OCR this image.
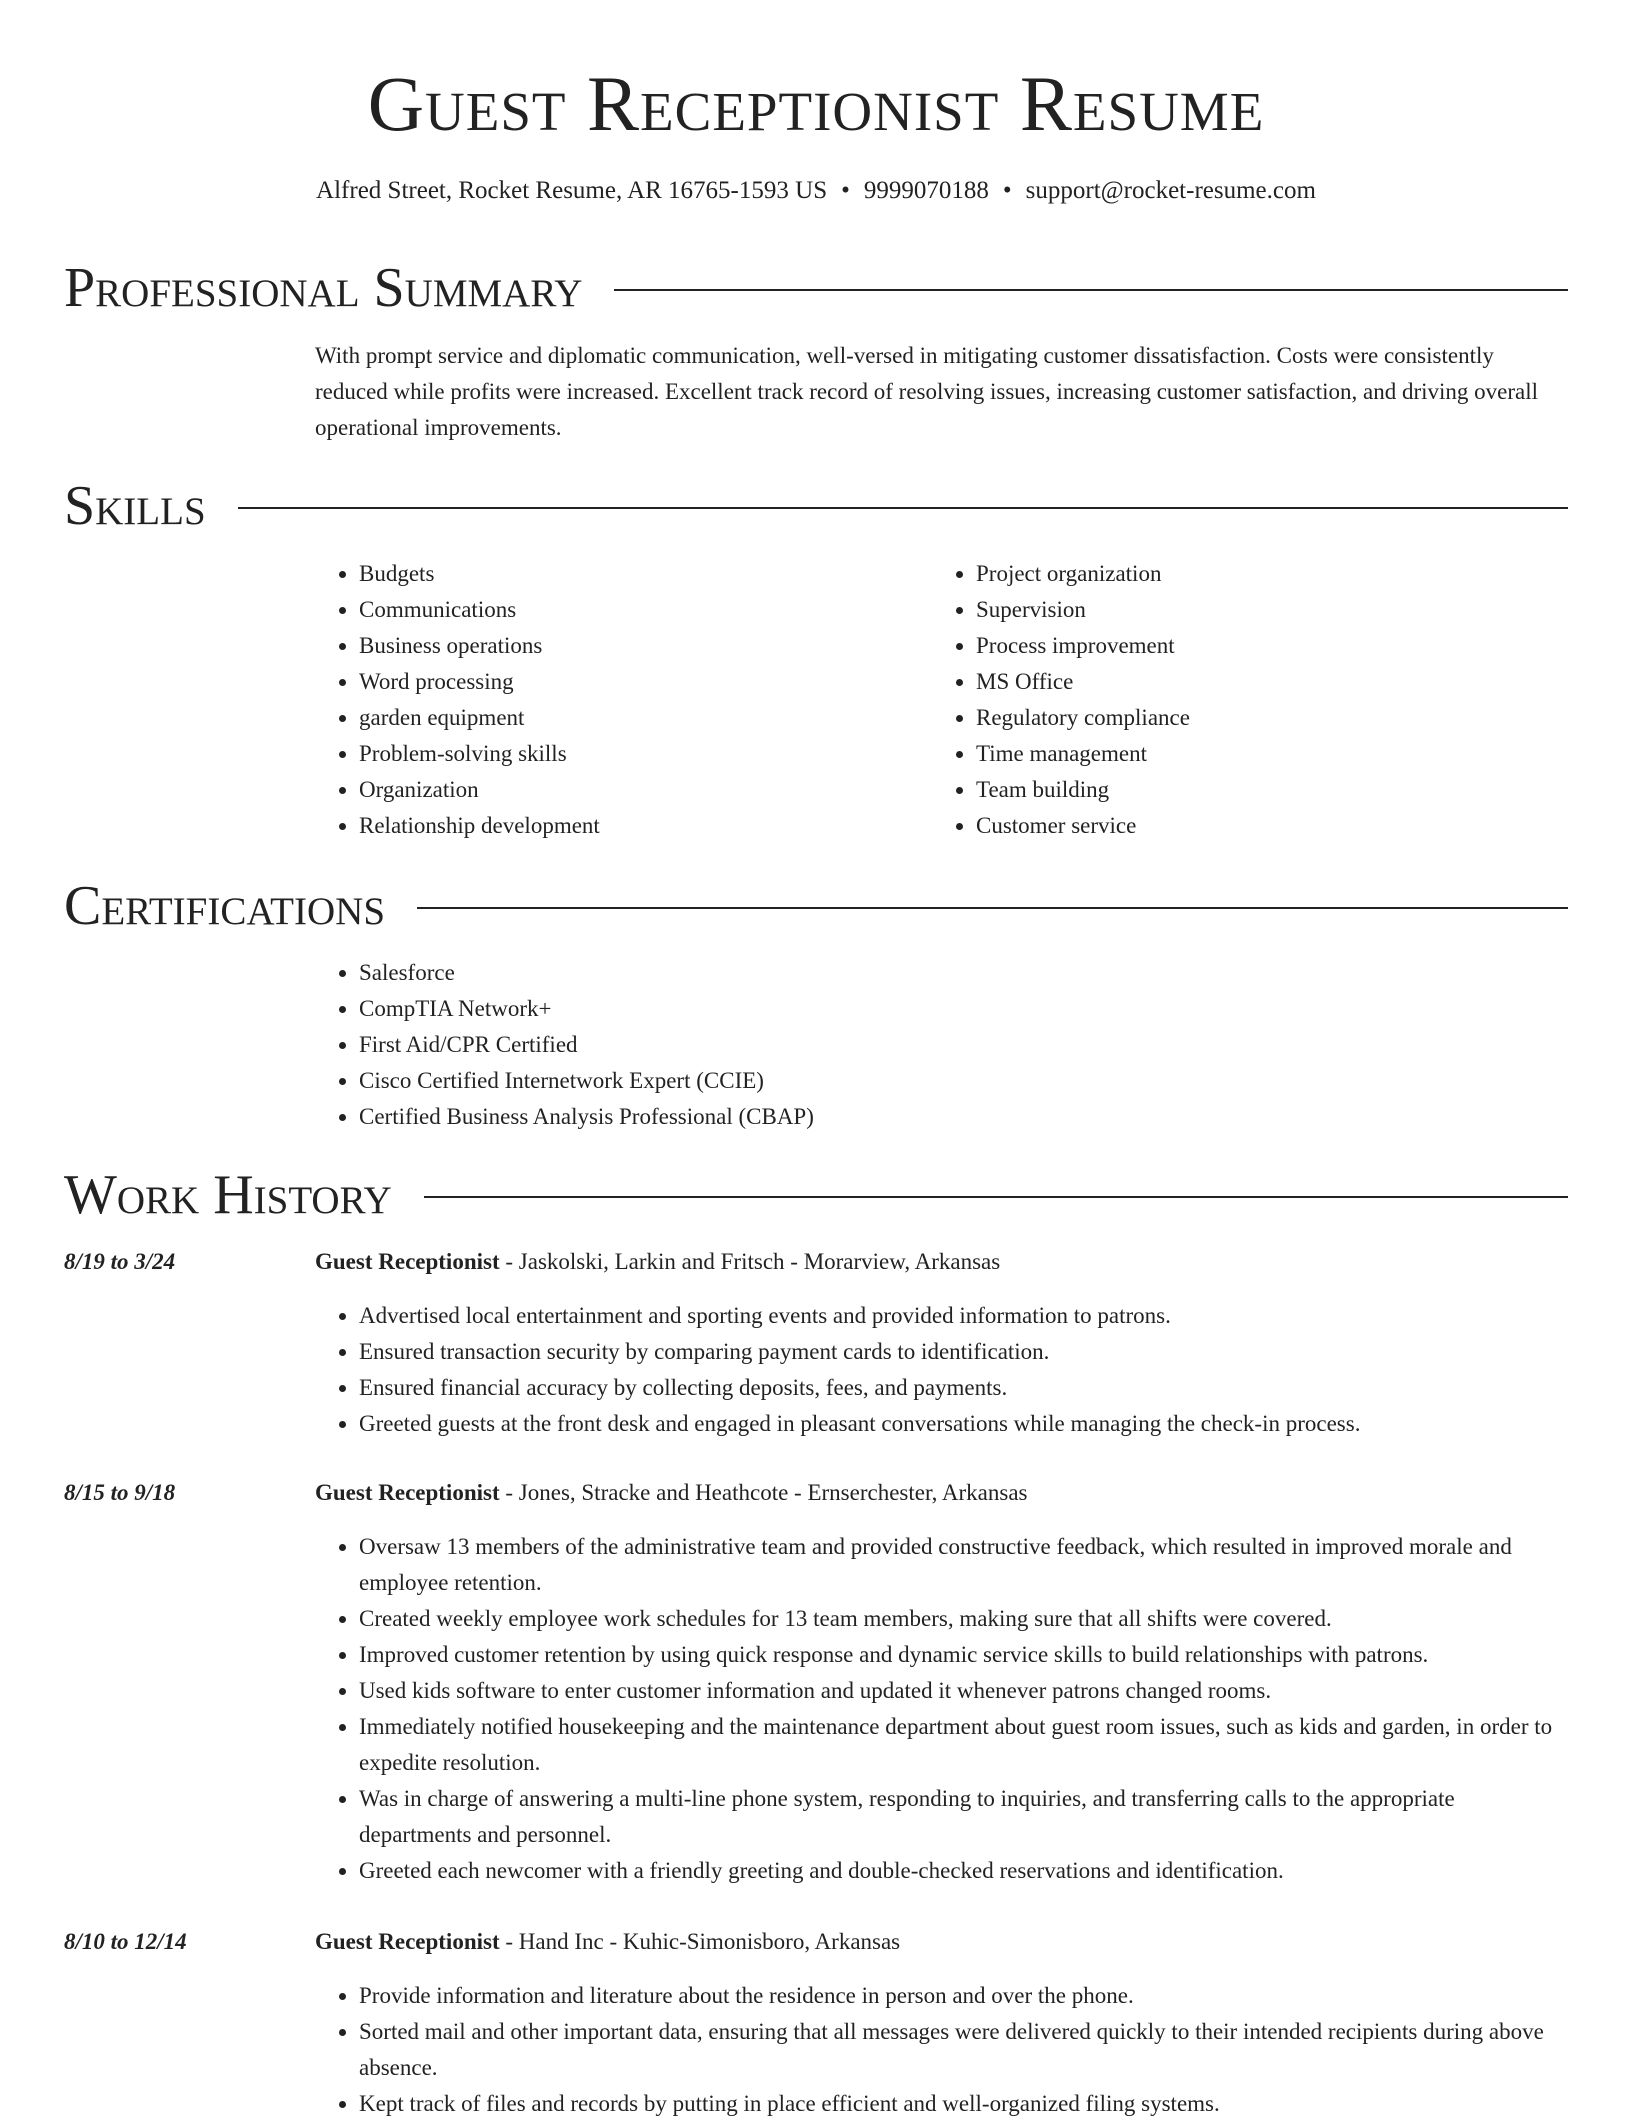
Guest Receptionist Resume
Alfred Street, Rocket Resume, AR 16765-1593 US • 9999070188 • support@rocket-resume.com
Professional Summary
With prompt service and diplomatic communication, well-versed in mitigating customer dissatisfaction. Costs were consistently reduced while profits were increased. Excellent track record of resolving issues, increasing customer satisfaction, and driving overall operational improvements.
Skills
• Budgets
• Communications
• Business operations
• Word processing
• garden equipment
• Problem-solving skills
• Organization
• Relationship development
• Project organization
• Supervision
• Process improvement
• MS Office
• Regulatory compliance
• Time management
• Team building
• Customer service
Certifications
• Salesforce
• CompTIA Network+
• First Aid/CPR Certified
• Cisco Certified Internetwork Expert (CCIE)
• Certified Business Analysis Professional (CBAP)
Work History
8/19 to 3/24	Guest Receptionist - Jaskolski, Larkin and Fritsch - Morarview, Arkansas
• Advertised local entertainment and sporting events and provided information to patrons.
• Ensured transaction security by comparing payment cards to identification.
• Ensured financial accuracy by collecting deposits, fees, and payments.
• Greeted guests at the front desk and engaged in pleasant conversations while managing the check-in process.
8/15 to 9/18	Guest Receptionist - Jones, Stracke and Heathcote - Ernserchester, Arkansas
• Oversaw 13 members of the administrative team and provided constructive feedback, which resulted in improved morale and employee retention.
• Created weekly employee work schedules for 13 team members, making sure that all shifts were covered.
• Improved customer retention by using quick response and dynamic service skills to build relationships with patrons.
• Used kids software to enter customer information and updated it whenever patrons changed rooms.
• Immediately notified housekeeping and the maintenance department about guest room issues, such as kids and garden, in order to expedite resolution.
• Was in charge of answering a multi-line phone system, responding to inquiries, and transferring calls to the appropriate departments and personnel.
• Greeted each newcomer with a friendly greeting and double-checked reservations and identification.
8/10 to 12/14	Guest Receptionist - Hand Inc - Kuhic-Simonisboro, Arkansas
• Provide information and literature about the residence in person and over the phone.
• Sorted mail and other important data, ensuring that all messages were delivered quickly to their intended recipients during above absence.
• Kept track of files and records by putting in place efficient and well-organized filing systems.
